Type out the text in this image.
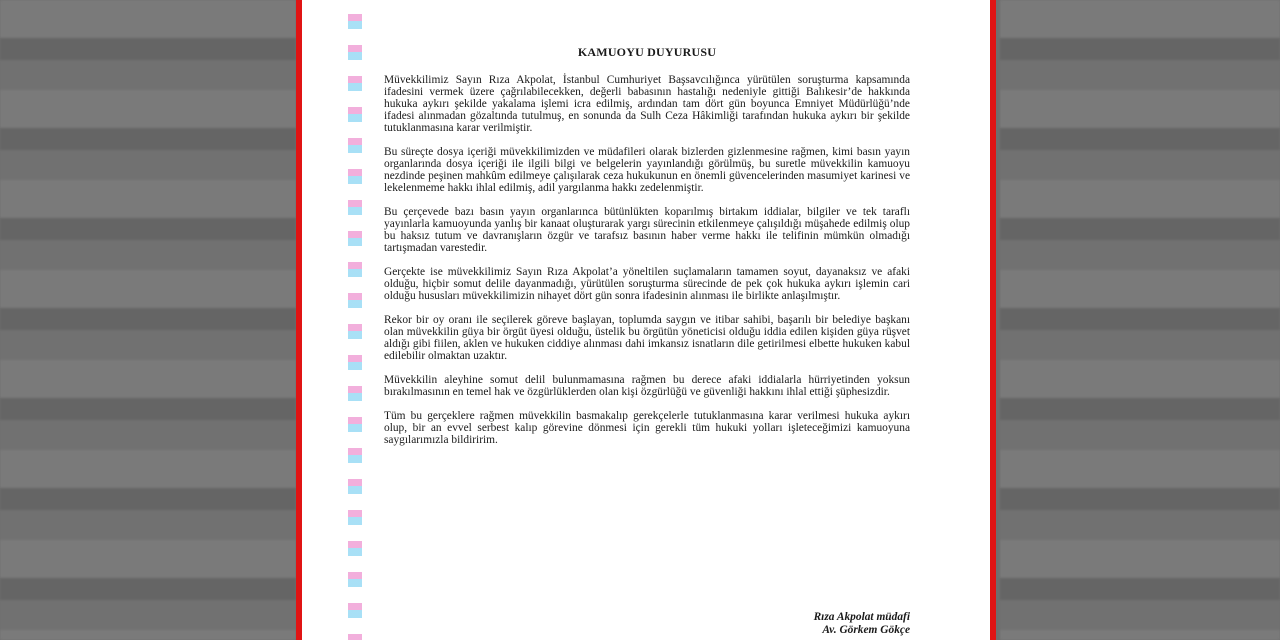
KAMUOYU DUYURUSU

Müvekkilimiz Sayın Rıza Akpolat, İstanbul Cumhuriyet Başsavcılığınca yürütülen soruşturma kapsamında ifadesini vermek üzere çağrılabilecekken, değerli babasının hastalığı nedeniyle gittiği Balıkesir’de hakkında hukuka aykırı şekilde yakalama işlemi icra edilmiş, ardından tam dört gün boyunca Emniyet Müdürlüğü’nde ifadesi alınmadan gözaltında tutulmuş, en sonunda da Sulh Ceza Hâkimliği tarafından hukuka aykırı bir şekilde tutuklanmasına karar verilmiştir.

Bu süreçte dosya içeriği müvekkilimizden ve müdafileri olarak bizlerden gizlenmesine rağmen, kimi basın yayın organlarında dosya içeriği ile ilgili bilgi ve belgelerin yayınlandığı görülmüş, bu suretle müvekkilin kamuoyu nezdinde peşinen mahkûm edilmeye çalışılarak ceza hukukunun en önemli güvencelerinden masumiyet karinesi ve lekelenmeme hakkı ihlal edilmiş, adil yargılanma hakkı zedelenmiştir.

Bu çerçevede bazı basın yayın organlarınca bütünlükten koparılmış birtakım iddialar, bilgiler ve tek taraflı yayınlarla kamuoyunda yanlış bir kanaat oluşturarak yargı sürecinin etkilenmeye çalışıldığı müşahede edilmiş olup bu haksız tutum ve davranışların özgür ve tarafsız basının haber verme hakkı ile telifinin mümkün olmadığı tartışmadan varestedir.

Gerçekte ise müvekkilimiz Sayın Rıza Akpolat’a yöneltilen suçlamaların tamamen soyut, dayanaksız ve afaki olduğu, hiçbir somut delile dayanmadığı, yürütülen soruşturma sürecinde de pek çok hukuka aykırı işlemin cari olduğu hususları müvekkilimizin nihayet dört gün sonra ifadesinin alınması ile birlikte anlaşılmıştır.

Rekor bir oy oranı ile seçilerek göreve başlayan, toplumda saygın ve itibar sahibi, başarılı bir belediye başkanı olan müvekkilin güya bir örgüt üyesi olduğu, üstelik bu örgütün yöneticisi olduğu iddia edilen kişiden güya rüşvet aldığı gibi fiilen, aklen ve hukuken ciddiye alınması dahi imkansız isnatların dile getirilmesi elbette hukuken kabul edilebilir olmaktan uzaktır.

Müvekkilin aleyhine somut delil bulunmamasına rağmen bu derece afaki iddialarla hürriyetinden yoksun bırakılmasının en temel hak ve özgürlüklerden olan kişi özgürlüğü ve güvenliği hakkını ihlal ettiği şüphesizdir.

Tüm bu gerçeklere rağmen müvekkilin basmakalıp gerekçelerle tutuklanmasına karar verilmesi hukuka aykırı olup, bir an evvel serbest kalıp görevine dönmesi için gerekli tüm hukuki yolları işleteceğimizi kamuoyuna saygılarımızla bildiririm.

Rıza Akpolat müdafi
Av. Görkem Gökçe
